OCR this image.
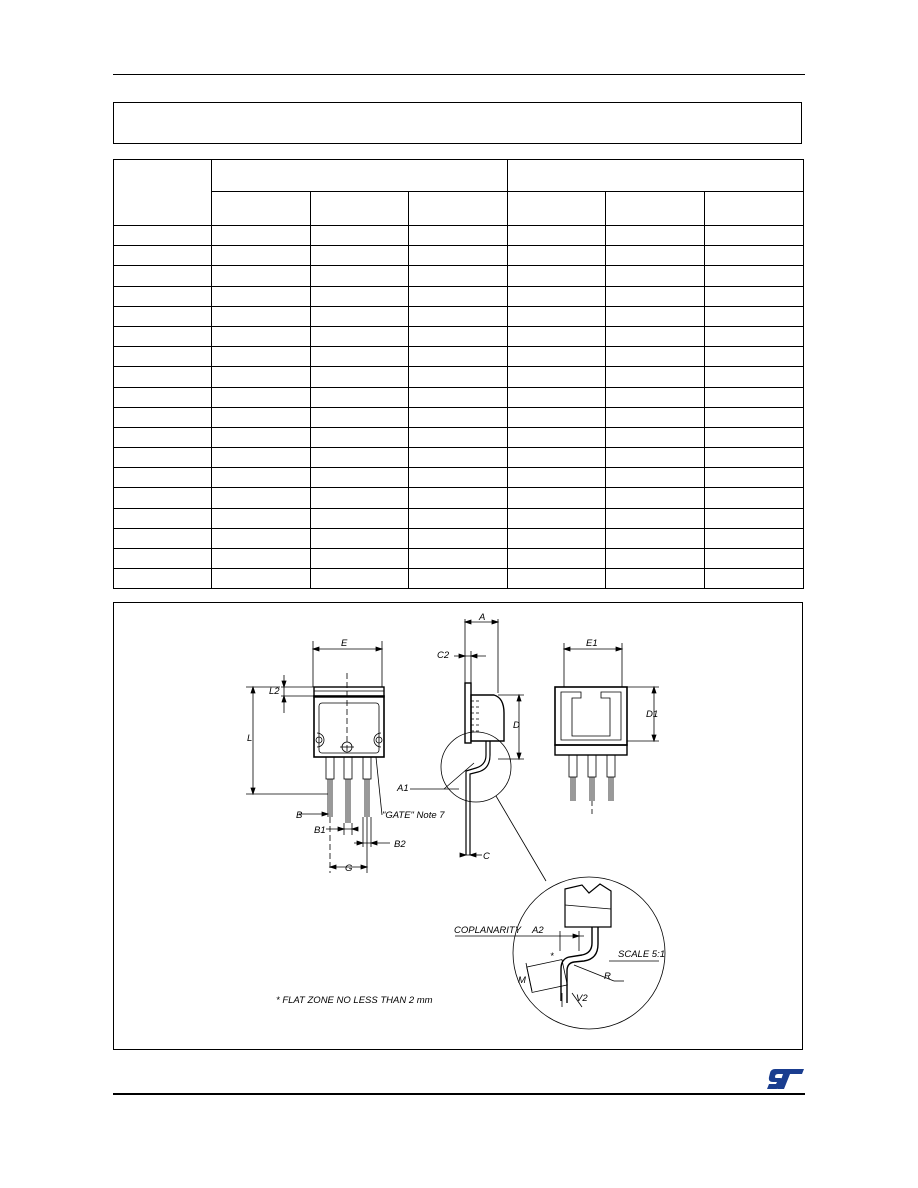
E
L2
L
B
B1
B2
G
"GATE" Note 7
A
C2
D
A1
C
E1
D1
*
COPLANARITY A2
SCALE 5:1
R
M
V2
* FLAT ZONE NO LESS THAN 2 mm
